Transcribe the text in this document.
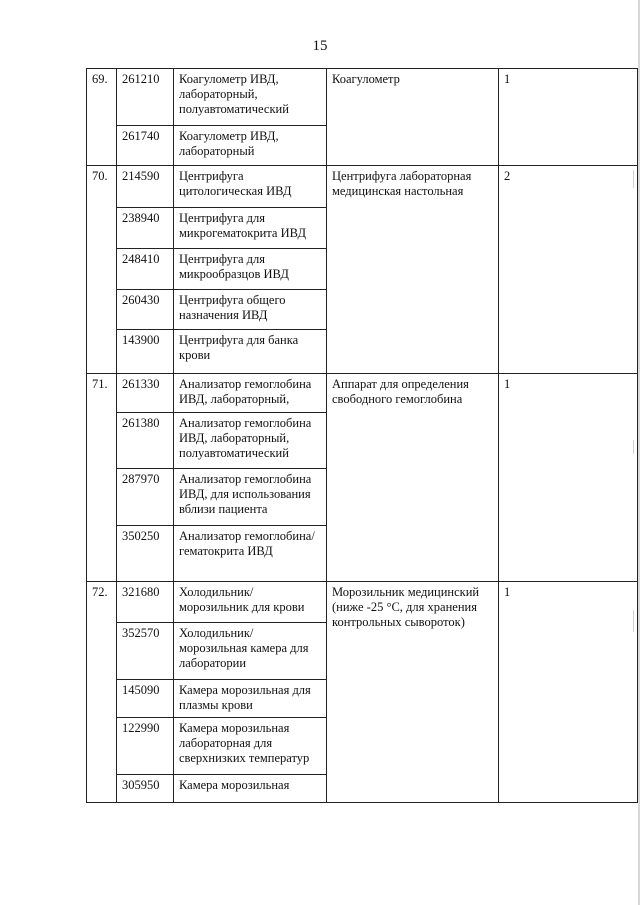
15
69.	261210	Коагулометр ИВД, лабораторный, полуавтоматический	Коагулометр	1
	261740	Коагулометр ИВД, лабораторный		
70.	214590	Центрифуга цитологическая ИВД	Центрифуга лабораторная медицинская настольная	2
	238940	Центрифуга для микрогематокрита ИВД		
	248410	Центрифуга для микрообразцов ИВД		
	260430	Центрифуга общего назначения ИВД		
	143900	Центрифуга для банка крови		
71.	261330	Анализатор гемоглобина ИВД, лабораторный,	Аппарат для определения свободного гемоглобина	1
	261380	Анализатор гемоглобина ИВД, лабораторный, полуавтоматический		
	287970	Анализатор гемоглобина ИВД, для использования вблизи пациента		
	350250	Анализатор гемоглобина/гематокрита ИВД		
72.	321680	Холодильник/ морозильник для крови	Морозильник медицинский (ниже -25 °С, для хранения контрольных сывороток)	1
	352570	Холодильник/ морозильная камера для лаборатории		
	145090	Камера морозильная для плазмы крови		
	122990	Камера морозильная лабораторная для сверхнизких температур		
	305950	Камера морозильная		
